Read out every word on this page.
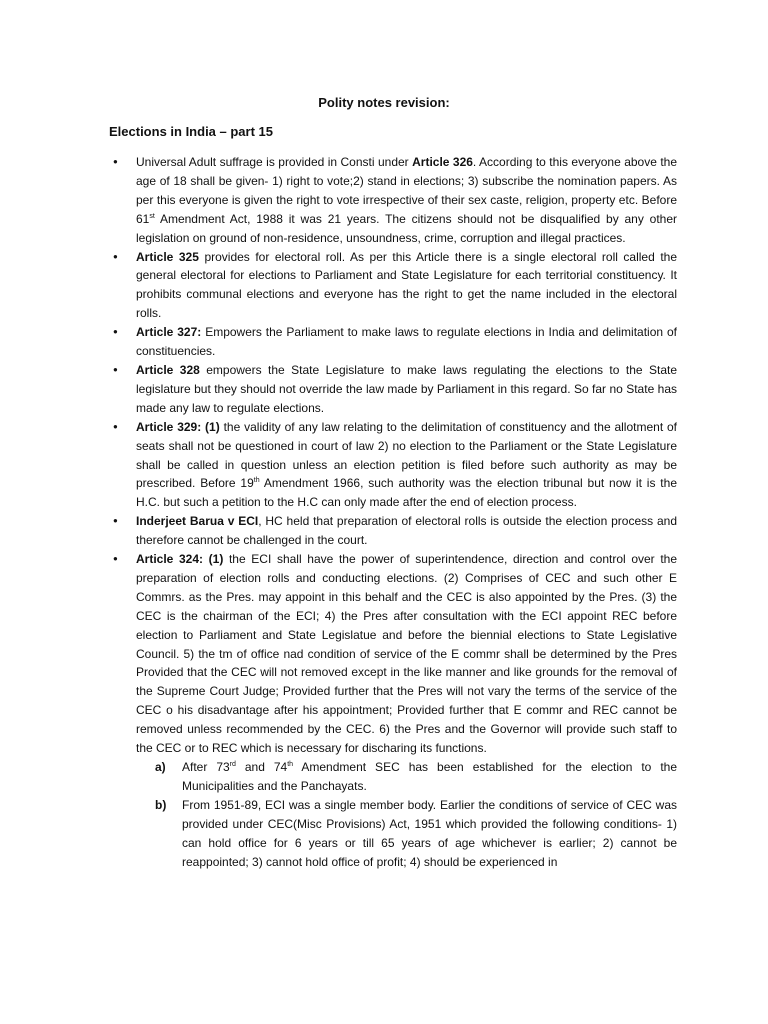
Polity notes revision:
Elections in India – part 15
● Universal Adult suffrage is provided in Consti under Article 326. According to this everyone above the age of 18 shall be given- 1) right to vote;2) stand in elections; 3) subscribe the nomination papers. As per this everyone is given the right to vote irrespective of their sex caste, religion, property etc. Before 61st Amendment Act, 1988 it was 21 years. The citizens should not be disqualified by any other legislation on ground of non-residence, unsoundness, crime, corruption and illegal practices.
● Article 325 provides for electoral roll. As per this Article there is a single electoral roll called the general electoral for elections to Parliament and State Legislature for each territorial constituency. It prohibits communal elections and everyone has the right to get the name included in the electoral rolls.
● Article 327: Empowers the Parliament to make laws to regulate elections in India and delimitation of constituencies.
● Article 328 empowers the State Legislature to make laws regulating the elections to the State legislature but they should not override the law made by Parliament in this regard. So far no State has made any law to regulate elections.
● Article 329: (1) the validity of any law relating to the delimitation of constituency and the allotment of seats shall not be questioned in court of law 2) no election to the Parliament or the State Legislature shall be called in question unless an election petition is filed before such authority as may be prescribed. Before 19th Amendment 1966, such authority was the election tribunal but now it is the H.C. but such a petition to the H.C can only made after the end of election process.
● Inderjeet Barua v ECI, HC held that preparation of electoral rolls is outside the election process and therefore cannot be challenged in the court.
● Article 324: (1) the ECI shall have the power of superintendence, direction and control over the preparation of election rolls and conducting elections. (2) Comprises of CEC and such other E Commrs. as the Pres. may appoint in this behalf and the CEC is also appointed by the Pres. (3) the CEC is the chairman of the ECI; 4) the Pres after consultation with the ECI appoint REC before election to Parliament and State Legislatue and before the biennial elections to State Legislative Council. 5) the tm of office nad condition of service of the E commr shall be determined by the Pres Provided that the CEC will not removed except in the like manner and like grounds for the removal of the Supreme Court Judge; Provided further that the Pres will not vary the terms of the service of the CEC o his disadvantage after his appointment; Provided further that E commr and REC cannot be removed unless recommended by the CEC. 6) the Pres and the Governor will provide such staff to the CEC or to REC which is necessary for discharing its functions.
a) After 73rd and 74th Amendment SEC has been established for the election to the Municipalities and the Panchayats.
b) From 1951-89, ECI was a single member body. Earlier the conditions of service of CEC was provided under CEC(Misc Provisions) Act, 1951 which provided the following conditions- 1) can hold office for 6 years or till 65 years of age whichever is earlier; 2) cannot be reappointed; 3) cannot hold office of profit; 4) should be experienced in
